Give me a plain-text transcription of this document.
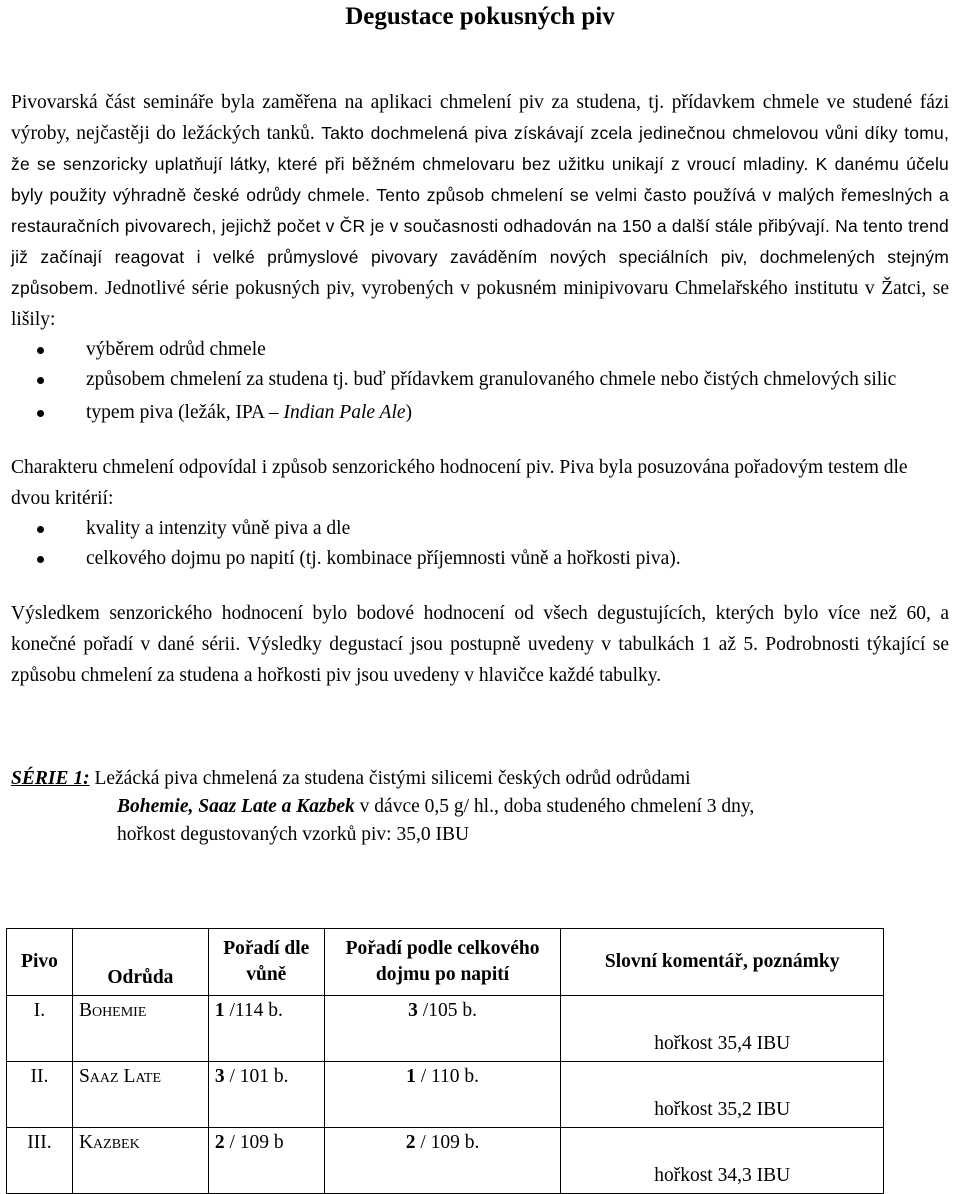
Degustace pokusných piv

Pivovarská část semináře byla zaměřena na aplikaci chmelení piv za studena, tj. přídavkem chmele ve studené fázi výroby, nejčastěji do ležáckých tanků. Takto dochmelená piva získávají zcela jedinečnou chmelovou vůni díky tomu, že se senzoricky uplatňují látky, které při běžném chmelovaru bez užitku unikají z vroucí mladiny. K danému účelu byly použity výhradně české odrůdy chmele. Tento způsob chmelení se velmi často používá v malých řemeslných a restauračních pivovarech, jejichž počet v ČR je v současnosti odhadován na 150 a další stále přibývají. Na tento trend již začínají reagovat i velké průmyslové pivovary zaváděním nových speciálních piv, dochmelených stejným způsobem. Jednotlivé série pokusných piv, vyrobených v pokusném minipivovaru Chmelařského institutu v Žatci, se lišily:

výběrem odrůd chmele
způsobem chmelení za studena tj. buď přídavkem granulovaného chmele nebo čistých chmelových silic
typem piva (ležák, IPA – Indian Pale Ale)

Charakteru chmelení odpovídal i způsob senzorického hodnocení piv. Piva byla posuzována pořadovým testem dle dvou kritérií:

kvality a intenzity vůně piva a dle
celkového dojmu po napití (tj. kombinace příjemnosti vůně a hořkosti piva).

Výsledkem senzorického hodnocení bylo bodové hodnocení od všech degustujících, kterých bylo více než 60, a konečné pořadí v dané sérii. Výsledky degustací jsou postupně uvedeny v tabulkách 1 až 5. Podrobnosti týkající se způsobu chmelení za studena a hořkosti piv jsou uvedeny v hlavičce každé tabulky.

SÉRIE 1: Ležácká piva chmelená za studena čistými silicemi českých odrůd odrůdami
Bohemie, Saaz Late a Kazbek v dávce 0,5 g/ hl., doba studeného chmelení 3 dny,
hořkost degustovaných vzorků piv: 35,0 IBU
Pivo	Odrůda	Pořadí dle vůně	Pořadí podle celkového dojmu po napití	Slovní komentář, poznámky
I.	Bohemie	1 /114 b.	3 /105 b.	hořkost 35,4 IBU
II.	Saaz Late	3 / 101 b.	1 / 110 b.	hořkost 35,2 IBU
III.	Kazbek	2 / 109 b	2 / 109 b.	hořkost 34,3 IBU
